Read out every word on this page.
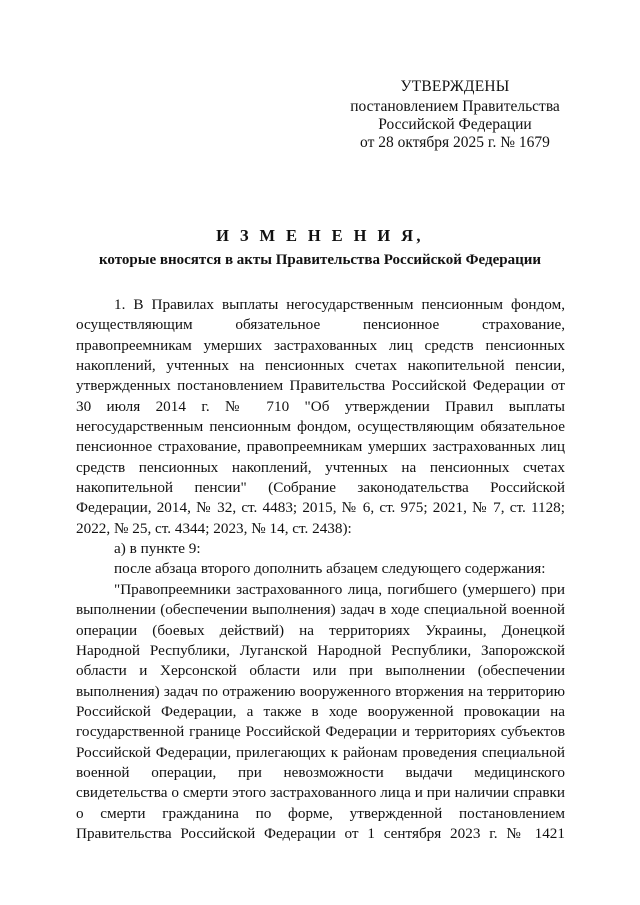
УТВЕРЖДЕНЫ
постановлением Правительства
Российской Федерации
от 28 октября 2025 г. № 1679
И З М Е Н Е Н И Я,
которые вносятся в акты Правительства Российской Федерации

1. В Правилах выплаты негосударственным пенсионным фондом, осуществляющим обязательное пенсионное страхование, правопреемникам умерших застрахованных лиц средств пенсионных накоплений, учтенных на пенсионных счетах накопительной пенсии, утвержденных постановлением Правительства Российской Федерации от 30 июля 2014 г. № 710 "Об утверждении Правил выплаты негосударственным пенсионным фондом, осуществляющим обязательное пенсионное страхование, правопреемникам умерших застрахованных лиц средств пенсионных накоплений, учтенных на пенсионных счетах накопительной пенсии" (Собрание законодательства Российской Федерации, 2014, № 32, ст. 4483; 2015, № 6, ст. 975; 2021, № 7, ст. 1128; 2022, № 25, ст. 4344; 2023, № 14, ст. 2438):

а) в пункте 9:

после абзаца второго дополнить абзацем следующего содержания:

"Правопреемники застрахованного лица, погибшего (умершего) при выполнении (обеспечении выполнения) задач в ходе специальной военной операции (боевых действий) на территориях Украины, Донецкой Народной Республики, Луганской Народной Республики, Запорожской области и Херсонской области или при выполнении (обеспечении выполнения) задач по отражению вооруженного вторжения на территорию Российской Федерации, а также в ходе вооруженной провокации на государственной границе Российской Федерации и территориях субъектов Российской Федерации, прилегающих к районам проведения специальной военной операции, при невозможности выдачи медицинского свидетельства о смерти этого застрахованного лица и при наличии справки о смерти гражданина по форме, утвержденной постановлением Правительства Российской Федерации от 1 сентября 2023 г. № 1421
